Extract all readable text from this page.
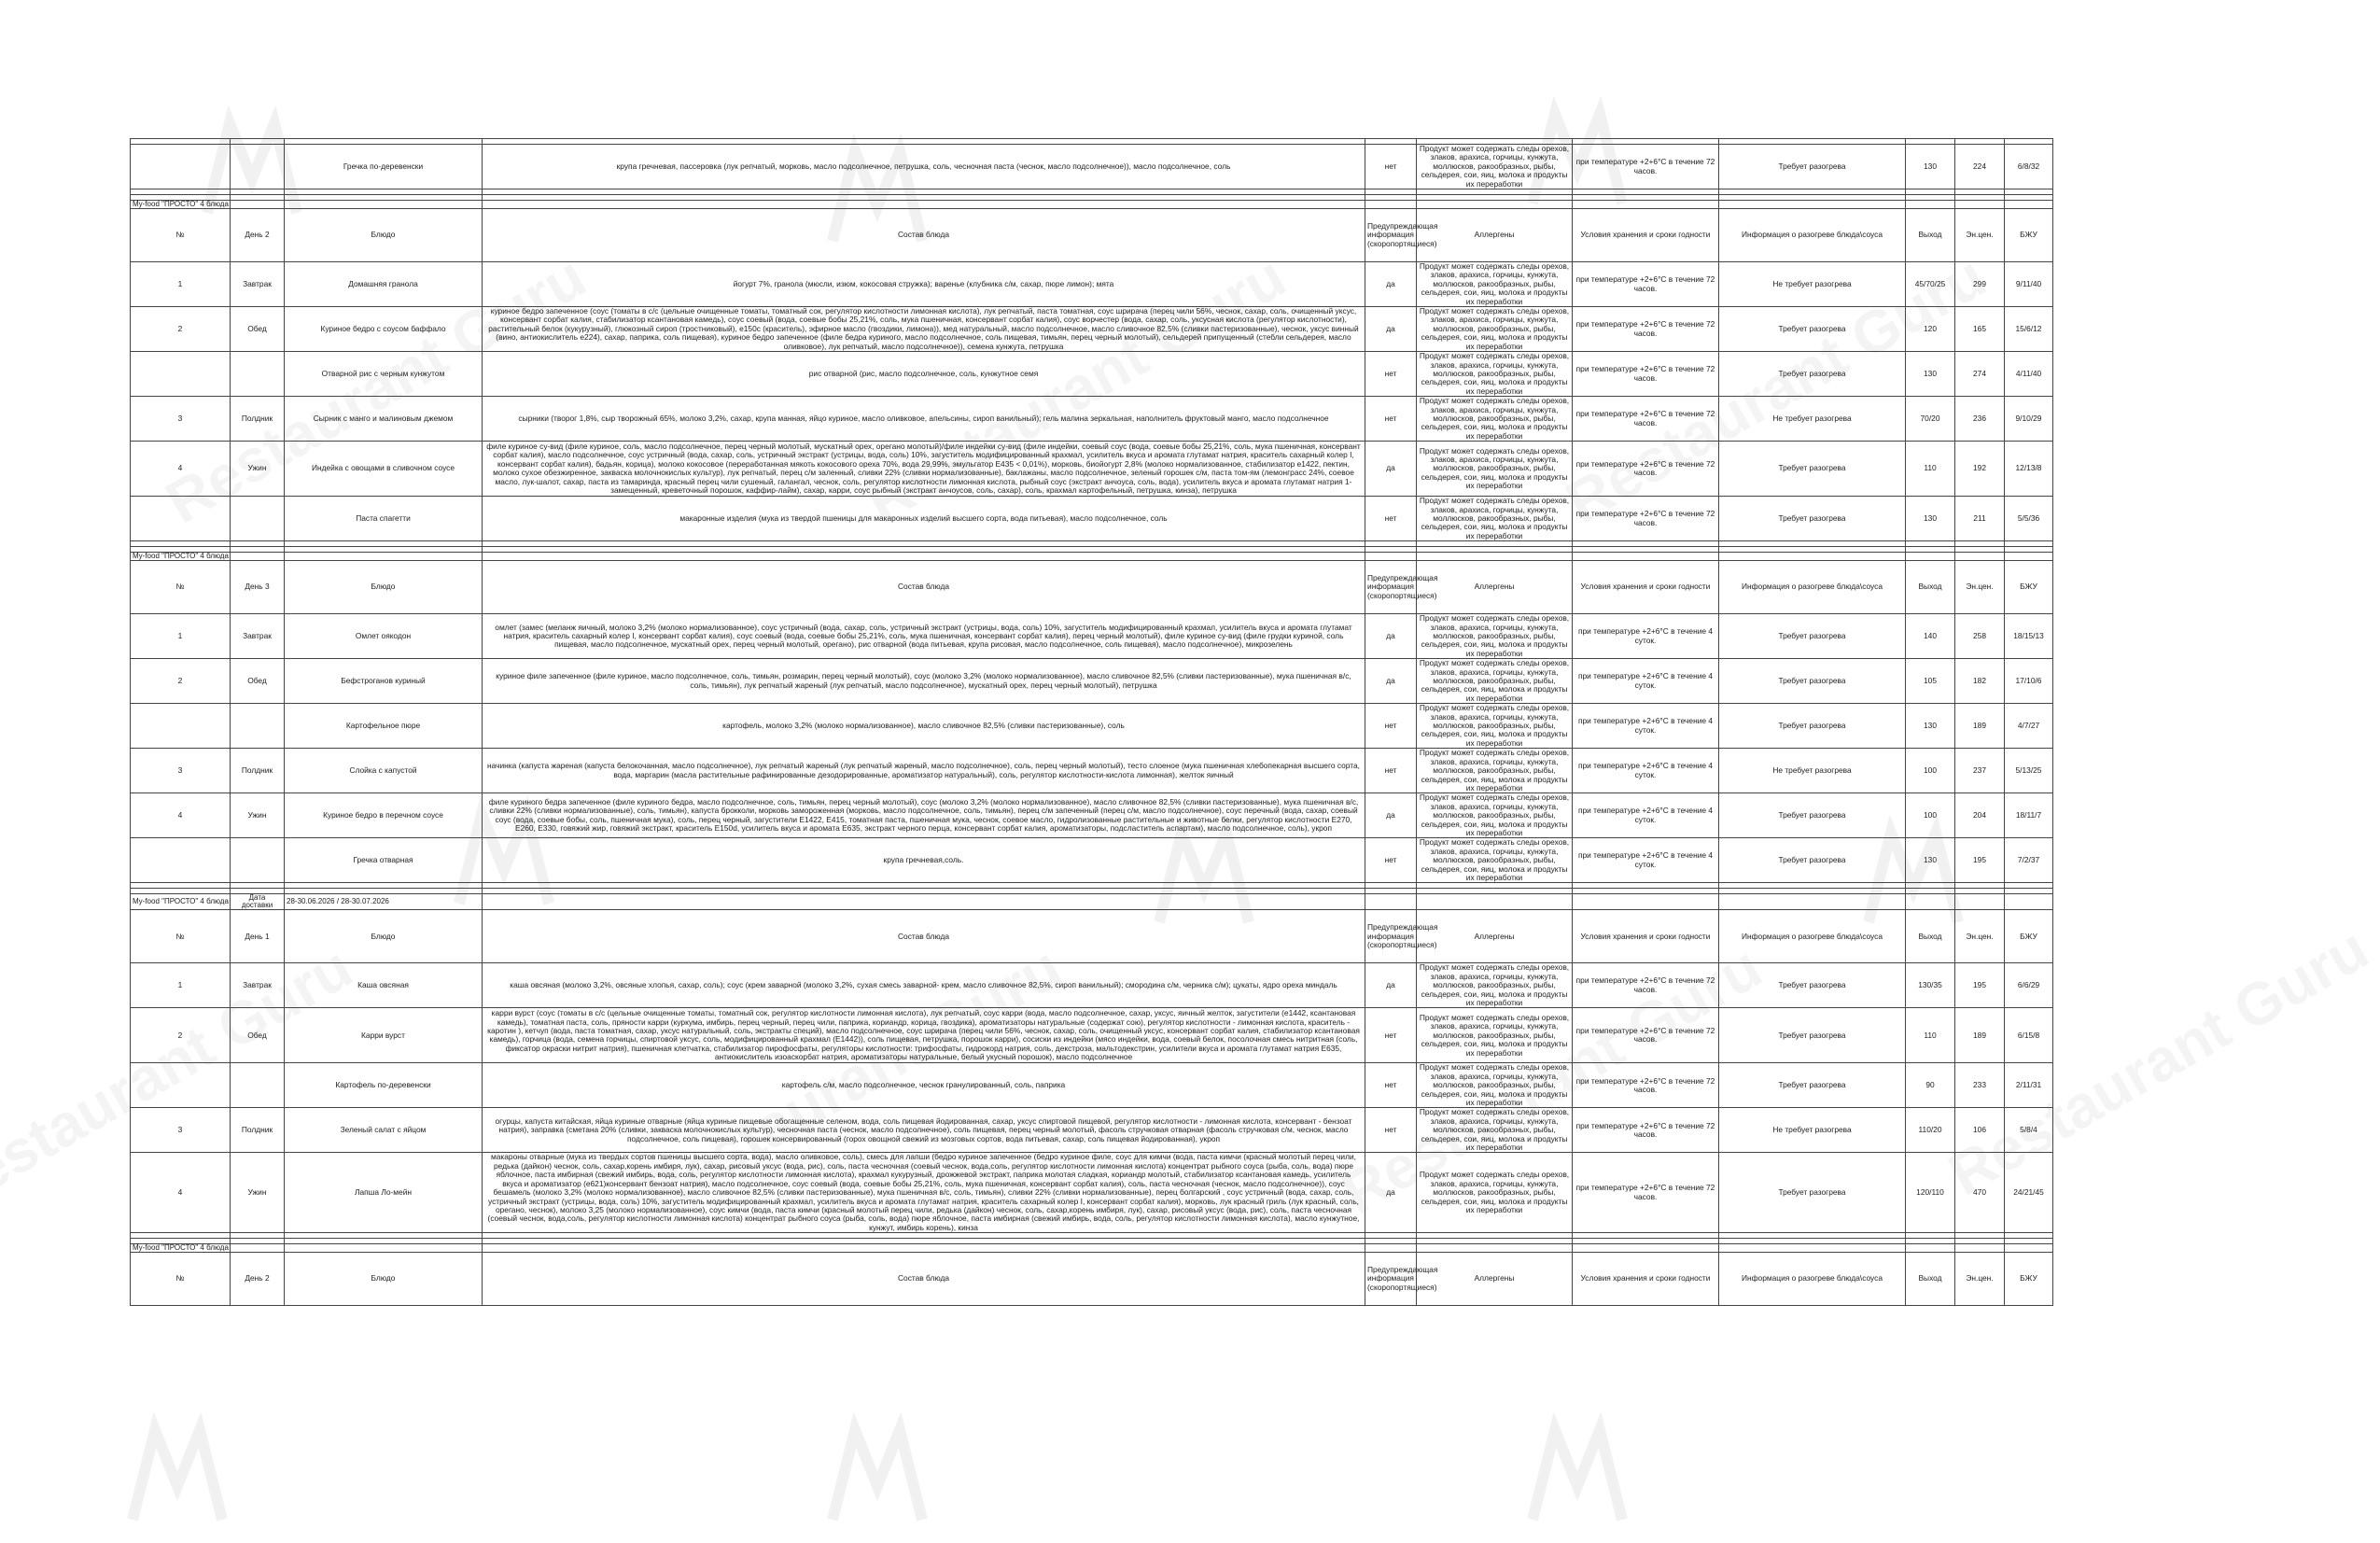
		Гречка по-деревенски	крупа гречневая, пассеровка (лук репчатый, морковь, масло подсолнечное, петрушка, соль, чесночная паста (чеснок, масло подсолнечное)), масло подсолнечное, соль	нет	Продукт может содержать следы орехов, злаков, арахиса, горчицы, кунжута, моллюсков, ракообразных, рыбы, сельдерея, сои, яиц, молока и продукты их переработки	при температуре +2+6°С в течение 72 часов.	Требует разогрева	130	224	6/8/32

My-food "ПРОСТО" 4 блюда										
№	День 2	Блюдо	Состав блюда	Предупреждающая информация (скоропортящиеся)	Аллергены	Условия хранения и сроки годности	Информация о разогреве блюда\соуса	Выход	Эн.цен.	БЖУ
1	Завтрак	Домашняя гранола	йогурт 7%, гранола (мюсли, изюм, кокосовая стружка); варенье (клубника с/м, сахар, пюре лимон); мята	да	Продукт может содержать следы орехов, злаков, арахиса, горчицы, кунжута, моллюсков, ракообразных, рыбы, сельдерея, сои, яиц, молока и продукты их переработки	при температуре +2+6°С в течение 72 часов.	Не требует разогрева	45/70/25	299	9/11/40
2	Обед	Куриное бедро с соусом баффало	куриное бедро запеченное (соус (томаты в с/с (цельные очищенные томаты, томатный сок, регулятор кислотности лимонная кислота), лук репчатый, паста томатная, соус шрирача (перец чили 56%, чеснок, сахар, соль, очищенный уксус, консервант сорбат калия, стабилизатор ксантановая камедь), соус соевый (вода, соевые бобы 25,21%, соль, мука пшеничная, консервант сорбат калия), соус ворчестер (вода, сахар, соль, уксусная кислота (регулятор кислотности), растительный белок (кукурузный), глюкозный сироп (тростниковый), е150с (краситель), эфирное масло (гвоздики, лимона)), мед натуральный, масло подсолнечное, масло сливочное 82,5% (сливки пастеризованные), чеснок, уксус винный (вино, антиокислитель е224), сахар, паприка, соль пищевая), куриное бедро запеченное (филе бедра куриного, масло подсолнечное, соль пищевая, тимьян, перец черный молотый), сельдерей припущенный (стебли сельдерея, масло оливковое), лук репчатый, масло подсолнечное)), семена кунжута, петрушка	да	Продукт может содержать следы орехов, злаков, арахиса, горчицы, кунжута, моллюсков, ракообразных, рыбы, сельдерея, сои, яиц, молока и продукты их переработки	при температуре +2+6°С в течение 72 часов.	Требует разогрева	120	165	15/6/12
		Отварной рис с черным кунжутом	рис отварной (рис, масло подсолнечное, соль, кунжутное семя	нет	Продукт может содержать следы орехов, злаков, арахиса, горчицы, кунжута, моллюсков, ракообразных, рыбы, сельдерея, сои, яиц, молока и продукты их переработки	при температуре +2+6°С в течение 72 часов.	Требует разогрева	130	274	4/11/40
3	Полдник	Сырник с манго и малиновым джемом	сырники (творог 1,8%, сыр творожный 65%, молоко 3,2%, сахар, крупа манная, яйцо куриное, масло оливковое, апельсины, сироп ванильный); гель малина зеркальная, наполнитель фруктовый манго, масло подсолнечное	нет	Продукт может содержать следы орехов, злаков, арахиса, горчицы, кунжута, моллюсков, ракообразных, рыбы, сельдерея, сои, яиц, молока и продукты их переработки	при температуре +2+6°С в течение 72 часов.	Не требует разогрева	70/20	236	9/10/29
4	Ужин	Индейка с овощами в сливочном соусе	филе куриное су-вид (филе куриное, соль, масло подсолнечное, перец черный молотый, мускатный орех, орегано молотый)/филе индейки су-вид (филе индейки, соевый соус (вода, соевые бобы 25,21%, соль, мука пшеничная, консервант сорбат калия), масло подсолнечное, соус устричный (вода, сахар, соль, устричный экстракт (устрицы, вода, соль) 10%, загуститель модифицированный крахмал, усилитель вкуса и аромата глутамат натрия, краситель сахарный колер I, консервант сорбат калия), бадьян, корица), молоко кокосовое (переработанная мякоть кокосового ореха 70%, вода 29,99%, эмульгатор E435 < 0,01%), морковь, биойогурт 2,8% (молоко нормализованное, стабилизатор е1422, пектин, молоко сухое обезжиренное, закваска молочнокислых культур), лук репчатый, перец с/м заленный, сливки 22% (сливки нормализованные), баклажаны, масло подсолнечное, зеленый горошек с/м, паста том-ям (лемонграсс 24%, соевое масло, лук-шалот, сахар, паста из тамаринда, красный перец чили сушеный, галангал, чеснок, соль, регулятор кислотности лимонная кислота, рыбный соус (экстракт анчоуса, соль, вода), усилитель вкуса и аромата глутамат натрия 1-замещенный, креветочный порошок, каффир-лайм), сахар, карри, соус рыбный (экстракт анчоусов, соль, сахар), соль, крахмал картофельный, петрушка, кинза), петрушка	да	Продукт может содержать следы орехов, злаков, арахиса, горчицы, кунжута, моллюсков, ракообразных, рыбы, сельдерея, сои, яиц, молока и продукты их переработки	при температуре +2+6°С в течение 72 часов.	Требует разогрева	110	192	12/13/8
		Паста спагетти	макаронные изделия (мука из твердой пшеницы для макаронных изделий высшего сорта, вода питьевая), масло подсолнечное, соль	нет	Продукт может содержать следы орехов, злаков, арахиса, горчицы, кунжута, моллюсков, ракообразных, рыбы, сельдерея, сои, яиц, молока и продукты их переработки	при температуре +2+6°С в течение 72 часов.	Требует разогрева	130	211	5/5/36

My-food "ПРОСТО" 4 блюда										
№	День 3	Блюдо	Состав блюда	Предупреждающая информация (скоропортящиеся)	Аллергены	Условия хранения и сроки годности	Информация о разогреве блюда\соуса	Выход	Эн.цен.	БЖУ
1	Завтрак	Омлет оякодон	омлет (замес (меланж яичный, молоко 3,2% (молоко нормализованное), соус устричный (вода, сахар, соль, устричный экстракт (устрицы, вода, соль) 10%, загуститель модифицированный крахмал, усилитель вкуса и аромата глутамат натрия, краситель сахарный колер I, консервант сорбат калия), соус соевый (вода, соевые бобы 25,21%, соль, мука пшеничная, консервант сорбат калия), перец черный молотый), филе куриное су-вид (филе грудки куриной, соль пищевая, масло подсолнечное, мускатный орех, перец черный молотый, орегано), рис отварной (вода питьевая, крупа рисовая, масло подсолнечное, соль пищевая), масло подсолнечное), микрозелень	да	Продукт может содержать следы орехов, злаков, арахиса, горчицы, кунжута, моллюсков, ракообразных, рыбы, сельдерея, сои, яиц, молока и продукты их переработки	при температуре +2+6°С в течение 4 суток.	Требует разогрева	140	258	18/15/13
2	Обед	Бефстроганов куриный	куриное филе запеченное (филе куриное, масло подсолнечное, соль, тимьян, розмарин, перец черный молотый), соус (молоко 3,2% (молоко нормализованное), масло сливочное 82,5% (сливки пастеризованные), мука пшеничная в/с, соль, тимьян), лук репчатый жареный (лук репчатый, масло подсолнечное), мускатный орех, перец черный молотый), петрушка	да	Продукт может содержать следы орехов, злаков, арахиса, горчицы, кунжута, моллюсков, ракообразных, рыбы, сельдерея, сои, яиц, молока и продукты их переработки	при температуре +2+6°С в течение 4 суток.	Требует разогрева	105	182	17/10/6
		Картофельное пюре	картофель, молоко 3,2% (молоко нормализованное), масло сливочное 82,5% (сливки пастеризованные), соль	нет	Продукт может содержать следы орехов, злаков, арахиса, горчицы, кунжута, моллюсков, ракообразных, рыбы, сельдерея, сои, яиц, молока и продукты их переработки	при температуре +2+6°С в течение 4 суток.	Требует разогрева	130	189	4/7/27
3	Полдник	Слойка с капустой	начинка (капуста жареная (капуста белокочанная, масло подсолнечное), лук репчатый жареный (лук репчатый жареный, масло подсолнечное), соль, перец черный молотый), тесто слоеное (мука пшеничная хлебопекарная высшего сорта, вода, маргарин (масла растительные рафинированные дезодорированные, ароматизатор натуральный), соль, регулятор кислотности-кислота лимонная), желток яичный	нет	Продукт может содержать следы орехов, злаков, арахиса, горчицы, кунжута, моллюсков, ракообразных, рыбы, сельдерея, сои, яиц, молока и продукты их переработки	при температуре +2+6°С в течение 4 суток.	Не требует разогрева	100	237	5/13/25
4	Ужин	Куриное бедро в перечном соусе	филе куриного бедра запеченное (филе куриного бедра, масло подсолнечное, соль, тимьян, перец черный молотый), соус (молоко 3,2% (молоко нормализованное), масло сливочное 82,5% (сливки пастеризованные), мука пшеничная в/с, сливки 22% (сливки нормализованные), соль, тимьян), капуста брокколи, морковь замороженная (морковь, масло подсолнечное, соль, тимьян), перец с/м запеченный (перец с/м, масло подсолнечное), соус перечный (вода, сахар, соевый соус (вода, соевые бобы, соль, пшеничная мука), соль, перец черный, загустители E1422, E415, томатная паста, пшеничная мука, чеснок, соевое масло, гидролизованные растительные и животные белки, регулятор кислотности E270, E260, E330, говяжий жир, говяжий экстракт, краситель E150d, усилитель вкуса и аромата E635, экстракт черного перца, консервант сорбат калия, ароматизаторы, подсластитель аспартам), масло подсолнечное, соль), укроп	да	Продукт может содержать следы орехов, злаков, арахиса, горчицы, кунжута, моллюсков, ракообразных, рыбы, сельдерея, сои, яиц, молока и продукты их переработки	при температуре +2+6°С в течение 4 суток.	Требует разогрева	100	204	18/11/7
		Гречка отварная	крупа гречневая,соль.	нет	Продукт может содержать следы орехов, злаков, арахиса, горчицы, кунжута, моллюсков, ракообразных, рыбы, сельдерея, сои, яиц, молока и продукты их переработки	при температуре +2+6°С в течение 4 суток.	Требует разогрева	130	195	7/2/37

My-food "ПРОСТО" 4 блюда	Дата доставки	28-30.06.2026 / 28-30.07.2026								
№	День 1	Блюдо	Состав блюда	Предупреждающая информация (скоропортящиеся)	Аллергены	Условия хранения и сроки годности	Информация о разогреве блюда\соуса	Выход	Эн.цен.	БЖУ
1	Завтрак	Каша овсяная	каша овсяная (молоко 3,2%, овсяные хлопья, сахар, соль); соус (крем заварной (молоко 3,2%, сухая смесь заварной- крем, масло сливочное 82,5%, сироп ванильный); смородина с/м, черника с/м); цукаты, ядро ореха миндаль	да	Продукт может содержать следы орехов, злаков, арахиса, горчицы, кунжута, моллюсков, ракообразных, рыбы, сельдерея, сои, яиц, молока и продукты их переработки	при температуре +2+6°С в течение 72 часов.	Требует разогрева	130/35	195	6/6/29
2	Обед	Карри вурст	карри вурст (соус (томаты в с/с (цельные очищенные томаты, томатный сок, регулятор кислотности лимонная кислота), лук репчатый, соус карри (вода, масло подсолнечное, сахар, уксус, яичный желток, загустители (е1442, ксантановая камедь), томатная паста, соль, пряности карри (куркума, имбирь, перец черный, перец чили, паприка, кориандр, корица, гвоздика), ароматизаторы натуральные (содержат сою), регулятор кислотности - лимонная кислота, краситель - каротин ), кетчуп (вода, паста томатная, сахар, уксус натуральный, соль, экстракты специй), масло подсолнечное, соус шрирача (перец чили 56%, чеснок, сахар, соль, очищенный уксус, консервант сорбат калия, стабилизатор ксантановая камедь), горчица (вода, семена горчицы, спиртовой уксус, соль, модифицированный крахмал (E1442)), соль пищевая, петрушка, порошок карри), сосиски из индейки (мясо индейки, вода, соевый белок, посолочная смесь нитритная (соль, фиксатор окраски нитрит натрия), пшеничная клетчатка, стабилизатор пирофосфаты, регуляторы кислотности: трифосфаты, гидрокорд натрия, соль, декстроза, мальтодекстрин, усилители вкуса и аромата глутамат натрия E635, антиокислитель изоаскорбат натрия, ароматизаторы натуральные, белый укусный порошок), масло подсолнечное	нет	Продукт может содержать следы орехов, злаков, арахиса, горчицы, кунжута, моллюсков, ракообразных, рыбы, сельдерея, сои, яиц, молока и продукты их переработки	при температуре +2+6°С в течение 72 часов.	Требует разогрева	110	189	6/15/8
		Картофель по-деревенски	картофель с/м, масло подсолнечное, чеснок гранулированный, соль, паприка	нет	Продукт может содержать следы орехов, злаков, арахиса, горчицы, кунжута, моллюсков, ракообразных, рыбы, сельдерея, сои, яиц, молока и продукты их переработки	при температуре +2+6°С в течение 72 часов.	Требует разогрева	90	233	2/11/31
3	Полдник	Зеленый салат с яйцом	огурцы, капуста китайская, яйца куриные отварные (яйца куриные пищевые обогащенные селеном, вода, соль пищевая йодированная, сахар, уксус спиртовой пищевой, регулятор кислотности - лимонная кислота, консервант - бензоат натрия), заправка (сметана 20% (сливки, закваска молочнокислых культур), чесночная паста (чеснок, масло подсолнечное), соль пищевая, перец черный молотый, фасоль стручковая отварная (фасоль стручковая с/м, чеснок, масло подсолнечное, соль пищевая), горошек консервированный (горох овощной свежий из мозговых сортов, вода питьевая, сахар, соль пищевая йодированная), укроп	нет	Продукт может содержать следы орехов, злаков, арахиса, горчицы, кунжута, моллюсков, ракообразных, рыбы, сельдерея, сои, яиц, молока и продукты их переработки	при температуре +2+6°С в течение 72 часов.	Не требует разогрева	110/20	106	5/8/4
4	Ужин	Лапша Ло-мейн	макароны отварные (мука из твердых сортов пшеницы высшего сорта, вода), масло оливковое, соль), смесь для лапши (бедро куриное запеченное (бедро куриное филе, соус для кимчи (вода, паста кимчи (красный молотый перец чили, редька (дайкон) чеснок, соль, сахар,корень имбиря, лук), сахар, рисовый уксус (вода, рис), соль, паста чесночная (соевый чеснок, вода,соль, регулятор кислотности лимонная кислота) концентрат рыбного соуса (рыба, соль, вода) пюре яблочное, паста имбирная (свежий имбирь, вода, соль, регулятор кислотности лимонная кислота), крахмал кукурузный, дрожжевой экстракт, паприка молотая сладкая, кориандр молотый, стабилизатор ксантановая камедь, усилитель вкуса и ароматизатор (е621)консервант бензоат натрия), масло подсолнечное, соус соевый (вода, соевые бобы 25,21%, соль, мука пшеничная, консервант сорбат калия), соль, паста чесночная (чеснок, масло подсолнечное)), соус бешамель (молоко 3,2% (молоко нормализованное), масло сливочное 82,5% (сливки пастеризованные), мука пшеничная в/с, соль, тимьян), сливки 22% (сливки нормализованные), перец болгарский , соус устричный (вода, сахар, соль, устричный экстракт (устрицы, вода, соль) 10%, загуститель модифицированный крахмал, усилитель вкуса и аромата глутамат натрия, краситель сахарный колер I, консервант сорбат калия), морковь, лук красный гриль (лук красный, соль, орегано, чеснок), молоко 3,25 (молоко нормализованное), соус кимчи (вода, паста кимчи (красный молотый перец чили, редька (дайкон) чеснок, соль, сахар,корень имбиря, лук), сахар, рисовый уксус (вода, рис), соль, паста чесночная (соевый чеснок, вода,соль, регулятор кислотности лимонная кислота) концентрат рыбного соуса (рыба, соль, вода) пюре яблочное, паста имбирная (свежий имбирь, вода, соль, регулятор кислотности лимонная кислота), масло кунжутное, кунжут, имбирь корень), кинза	да	Продукт может содержать следы орехов, злаков, арахиса, горчицы, кунжута, моллюсков, ракообразных, рыбы, сельдерея, сои, яиц, молока и продукты их переработки	при температуре +2+6°С в течение 72 часов.	Требует разогрева	120/110	470	24/21/45

My-food "ПРОСТО" 4 блюда										
№	День 2	Блюдо	Состав блюда	Предупреждающая информация (скоропортящиеся)	Аллергены	Условия хранения и сроки годности	Информация о разогреве блюда\соуса	Выход	Эн.цен.	БЖУ
